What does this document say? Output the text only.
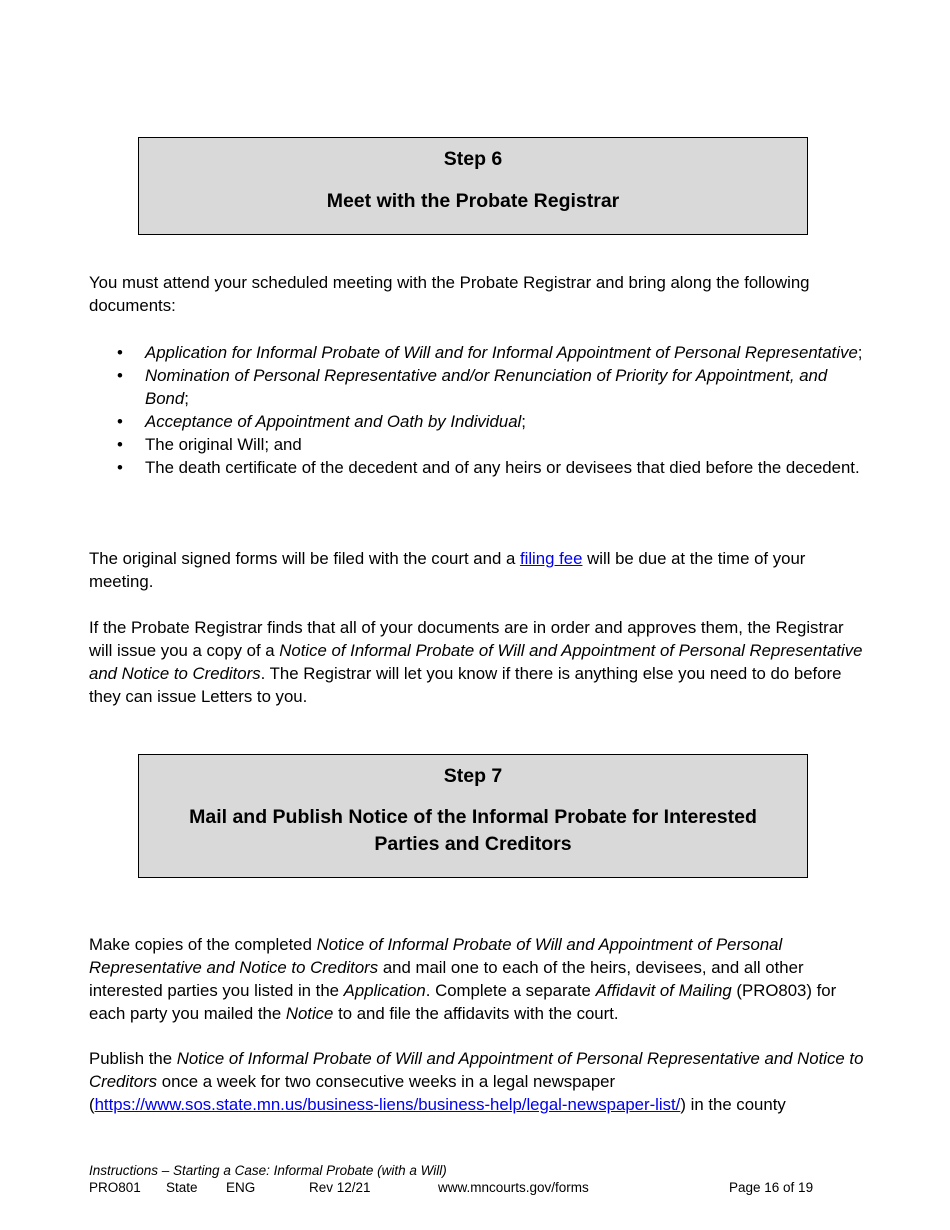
Step 6
Meet with the Probate Registrar
You must attend your scheduled meeting with the Probate Registrar and bring along the following documents:
• Application for Informal Probate of Will and for Informal Appointment of Personal Representative;
• Nomination of Personal Representative and/or Renunciation of Priority for Appointment, and Bond;
• Acceptance of Appointment and Oath by Individual;
• The original Will; and
• The death certificate of the decedent and of any heirs or devisees that died before the decedent.
The original signed forms will be filed with the court and a filing fee will be due at the time of your meeting.
If the Probate Registrar finds that all of your documents are in order and approves them, the Registrar will issue you a copy of a Notice of Informal Probate of Will and Appointment of Personal Representative and Notice to Creditors. The Registrar will let you know if there is anything else you need to do before they can issue Letters to you.
Step 7
Mail and Publish Notice of the Informal Probate for Interested Parties and Creditors
Make copies of the completed Notice of Informal Probate of Will and Appointment of Personal Representative and Notice to Creditors and mail one to each of the heirs, devisees, and all other interested parties you listed in the Application. Complete a separate Affidavit of Mailing (PRO803) for each party you mailed the Notice to and file the affidavits with the court.
Publish the Notice of Informal Probate of Will and Appointment of Personal Representative and Notice to Creditors once a week for two consecutive weeks in a legal newspaper (https://www.sos.state.mn.us/business-liens/business-help/legal-newspaper-list/) in the county
Instructions – Starting a Case: Informal Probate (with a Will)
PRO801 State ENG	Rev 12/21	www.mncourts.gov/forms	Page 16 of 19
